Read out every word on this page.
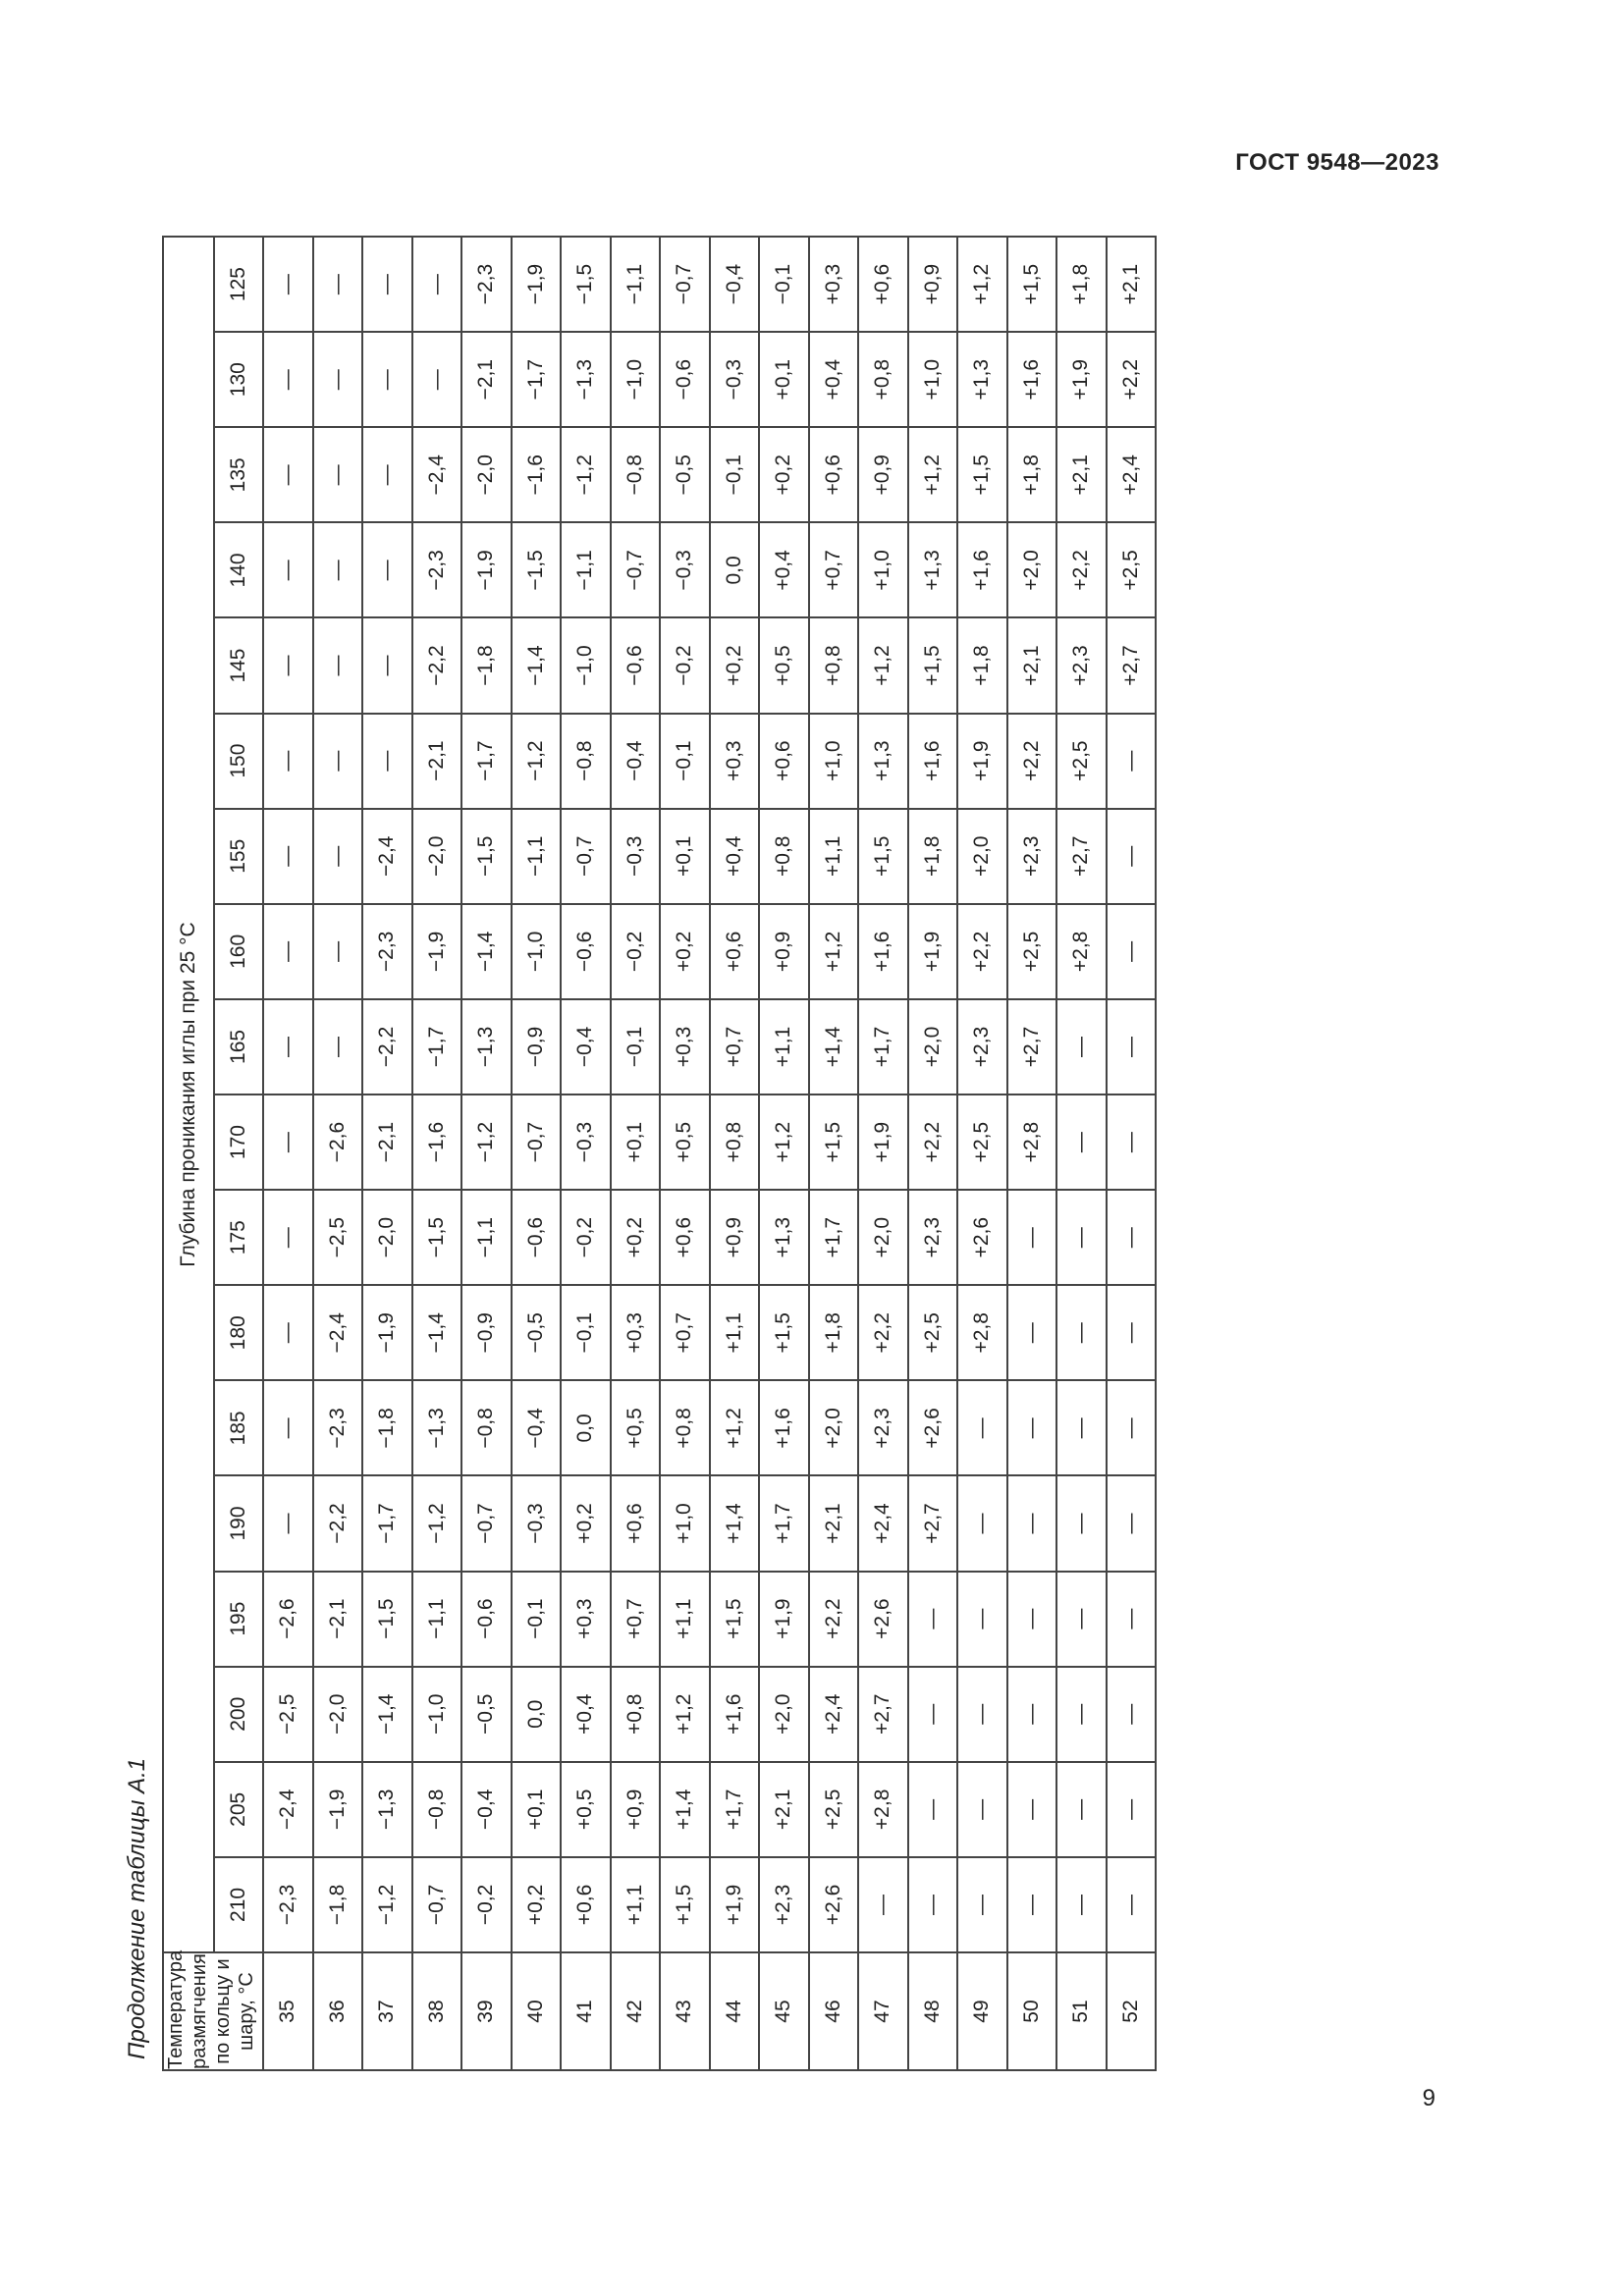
ГОСТ 9548—2023
Продолжение таблицы А.1 Температура размягчения по кольцу и шару, °C	Глубина проникания иглы при 25 °C																	
	210	205	200	195	190	185	180	175	170	165	160	155	150	145	140	135	130	125
35	−2,3	−2,4	−2,5	−2,6	—	—	—	—	—	—	—	—	—	—	—	—	—	—
36	−1,8	−1,9	−2,0	−2,1	−2,2	−2,3	−2,4	−2,5	−2,6	—	—	—	—	—	—	—	—	—
37	−1,2	−1,3	−1,4	−1,5	−1,7	−1,8	−1,9	−2,0	−2,1	−2,2	−2,3	−2,4	—	—	—	—	—	—
38	−0,7	−0,8	−1,0	−1,1	−1,2	−1,3	−1,4	−1,5	−1,6	−1,7	−1,9	−2,0	−2,1	−2,2	−2,3	−2,4	—	—
39	−0,2	−0,4	−0,5	−0,6	−0,7	−0,8	−0,9	−1,1	−1,2	−1,3	−1,4	−1,5	−1,7	−1,8	−1,9	−2,0	−2,1	−2,3
40	+0,2	+0,1	0,0	−0,1	−0,3	−0,4	−0,5	−0,6	−0,7	−0,9	−1,0	−1,1	−1,2	−1,4	−1,5	−1,6	−1,7	−1,9
41	+0,6	+0,5	+0,4	+0,3	+0,2	0,0	−0,1	−0,2	−0,3	−0,4	−0,6	−0,7	−0,8	−1,0	−1,1	−1,2	−1,3	−1,5
42	+1,1	+0,9	+0,8	+0,7	+0,6	+0,5	+0,3	+0,2	+0,1	−0,1	−0,2	−0,3	−0,4	−0,6	−0,7	−0,8	−1,0	−1,1
43	+1,5	+1,4	+1,2	+1,1	+1,0	+0,8	+0,7	+0,6	+0,5	+0,3	+0,2	+0,1	−0,1	−0,2	−0,3	−0,5	−0,6	−0,7
44	+1,9	+1,7	+1,6	+1,5	+1,4	+1,2	+1,1	+0,9	+0,8	+0,7	+0,6	+0,4	+0,3	+0,2	0,0	−0,1	−0,3	−0,4
45	+2,3	+2,1	+2,0	+1,9	+1,7	+1,6	+1,5	+1,3	+1,2	+1,1	+0,9	+0,8	+0,6	+0,5	+0,4	+0,2	+0,1	−0,1
46	+2,6	+2,5	+2,4	+2,2	+2,1	+2,0	+1,8	+1,7	+1,5	+1,4	+1,2	+1,1	+1,0	+0,8	+0,7	+0,6	+0,4	+0,3
47	—	+2,8	+2,7	+2,6	+2,4	+2,3	+2,2	+2,0	+1,9	+1,7	+1,6	+1,5	+1,3	+1,2	+1,0	+0,9	+0,8	+0,6
48	—	—	—	—	+2,7	+2,6	+2,5	+2,3	+2,2	+2,0	+1,9	+1,8	+1,6	+1,5	+1,3	+1,2	+1,0	+0,9
49	—	—	—	—	—	—	+2,8	+2,6	+2,5	+2,3	+2,2	+2,0	+1,9	+1,8	+1,6	+1,5	+1,3	+1,2
50	—	—	—	—	—	—	—	—	+2,8	+2,7	+2,5	+2,3	+2,2	+2,1	+2,0	+1,8	+1,6	+1,5
51	—	—	—	—	—	—	—	—	—	—	+2,8	+2,7	+2,5	+2,3	+2,2	+2,1	+1,9	+1,8
52	—	—	—	—	—	—	—	—	—	—	—	—	—	+2,7	+2,5	+2,4	+2,2	+2,1
9
